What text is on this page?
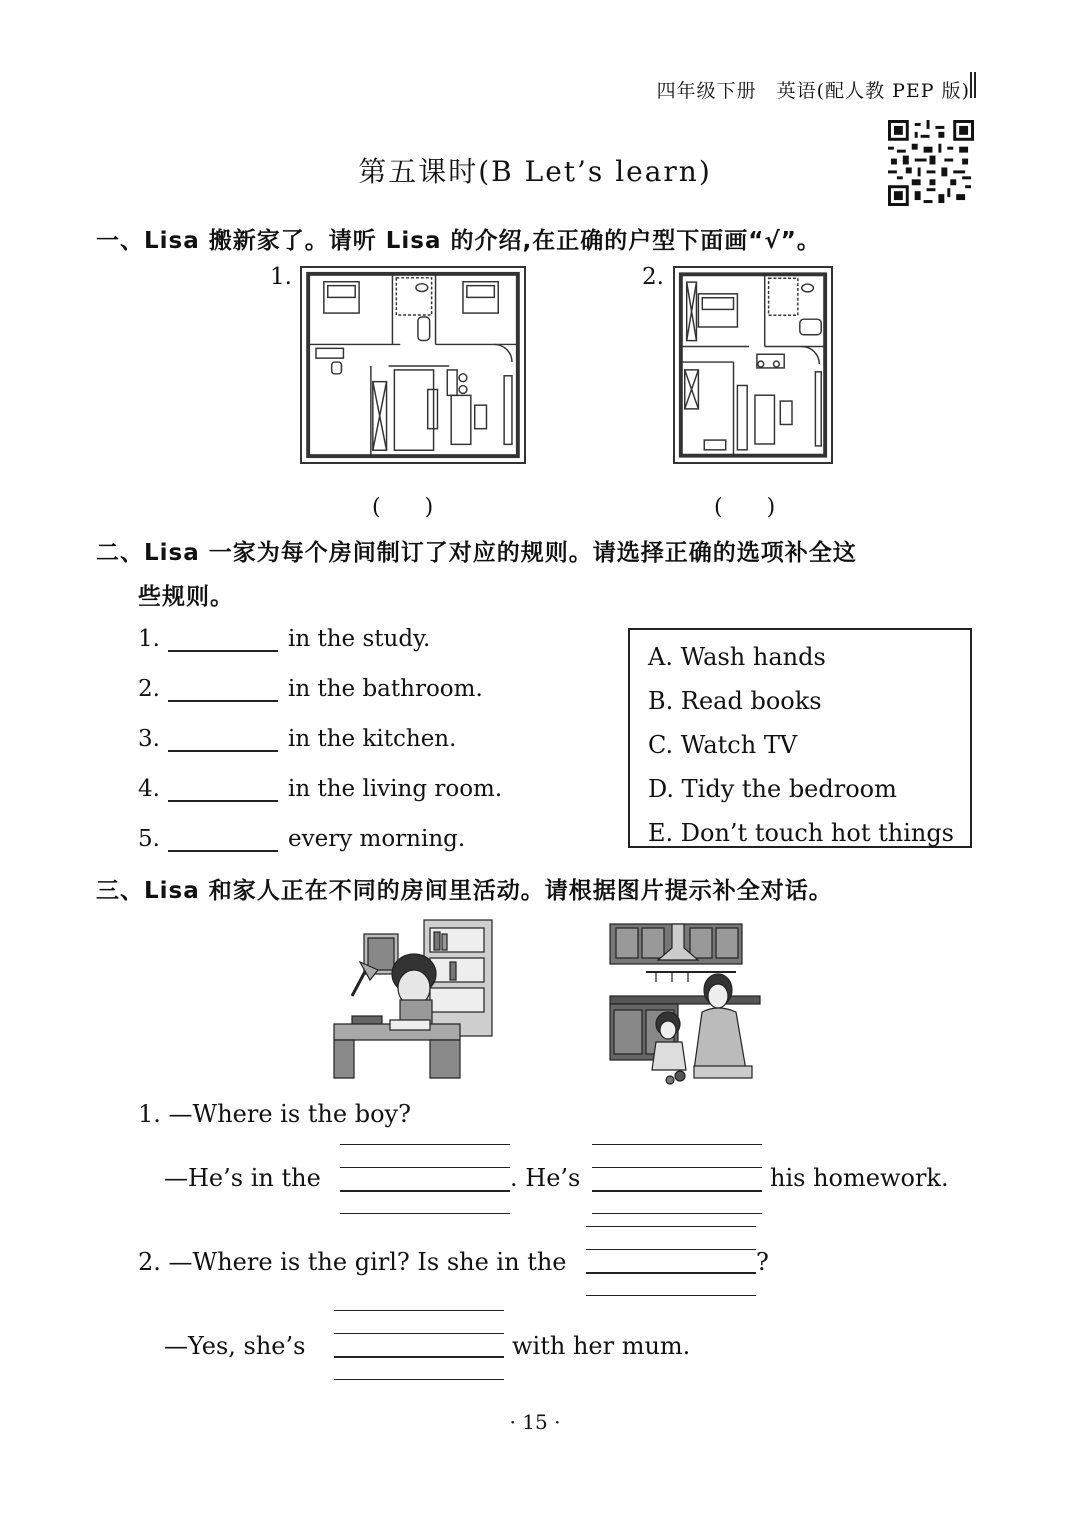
四年级下册　英语(配人教 PEP 版)
第五课时(B Let’s learn)
一、Lisa 搬新家了。请听 Lisa 的介绍,在正确的户型下面画“√”。
1.
(　　)
2.
(　　)
二、Lisa 一家为每个房间制订了对应的规则。请选择正确的选项补全这
些规则。
1.	in the study.
2.	in the bathroom.
3.	in the kitchen.
4.	in the living room.
5.	every morning.
A. Wash hands
B. Read books
C. Watch TV
D. Tidy the bedroom
E. Don’t touch hot things
三、Lisa 和家人正在不同的房间里活动。请根据图片提示补全对话。
1. —Where is the boy?
—He’s in the	. He’s	his homework.
2. —Where is the girl? Is she in the	?
—Yes, she’s	with her mum.
· 15 ·
